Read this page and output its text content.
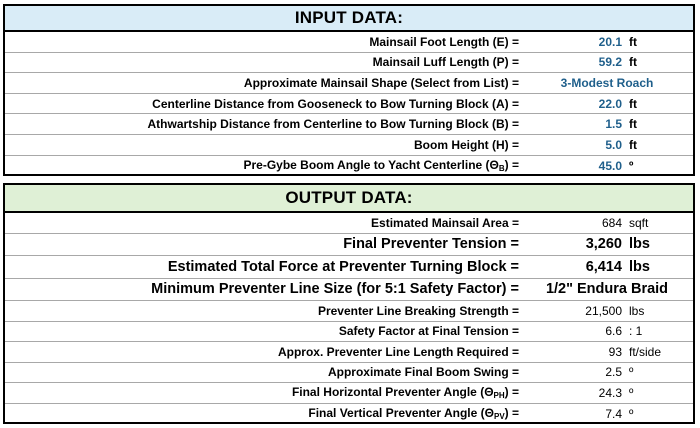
INPUT DATA:
Mainsail Foot Length (E) =	20.1 ft
Mainsail Luff Length (P) =	59.2 ft
Approximate Mainsail Shape (Select from List) =	3-Modest Roach
Centerline Distance from Gooseneck to Bow Turning Block (A) =	22.0 ft
Athwartship Distance from Centerline to Bow Turning Block (B) =	1.5 ft
Boom Height (H) =	5.0 ft
Pre-Gybe Boom Angle to Yacht Centerline $(\Theta_B)$ =	45.0 º
OUTPUT DATA:
Estimated Mainsail Area =	684 sqft
Final Preventer Tension =	3,260 lbs
Estimated Total Force at Preventer Turning Block =	6,414 lbs
Minimum Preventer Line Size (for 5:1 Safety Factor) =	1/2" Endura Braid
Preventer Line Breaking Strength =	21,500 lbs
Safety Factor at Final Tension =	6.6 : 1
Approx. Preventer Line Length Required =	93 ft/side
Approximate Final Boom Swing =	2.5 º
Final Horizontal Preventer Angle $(\Theta_{PH})$ =	24.3 º
Final Vertical Preventer Angle $(\Theta_{PV})$ =	7.4 º
